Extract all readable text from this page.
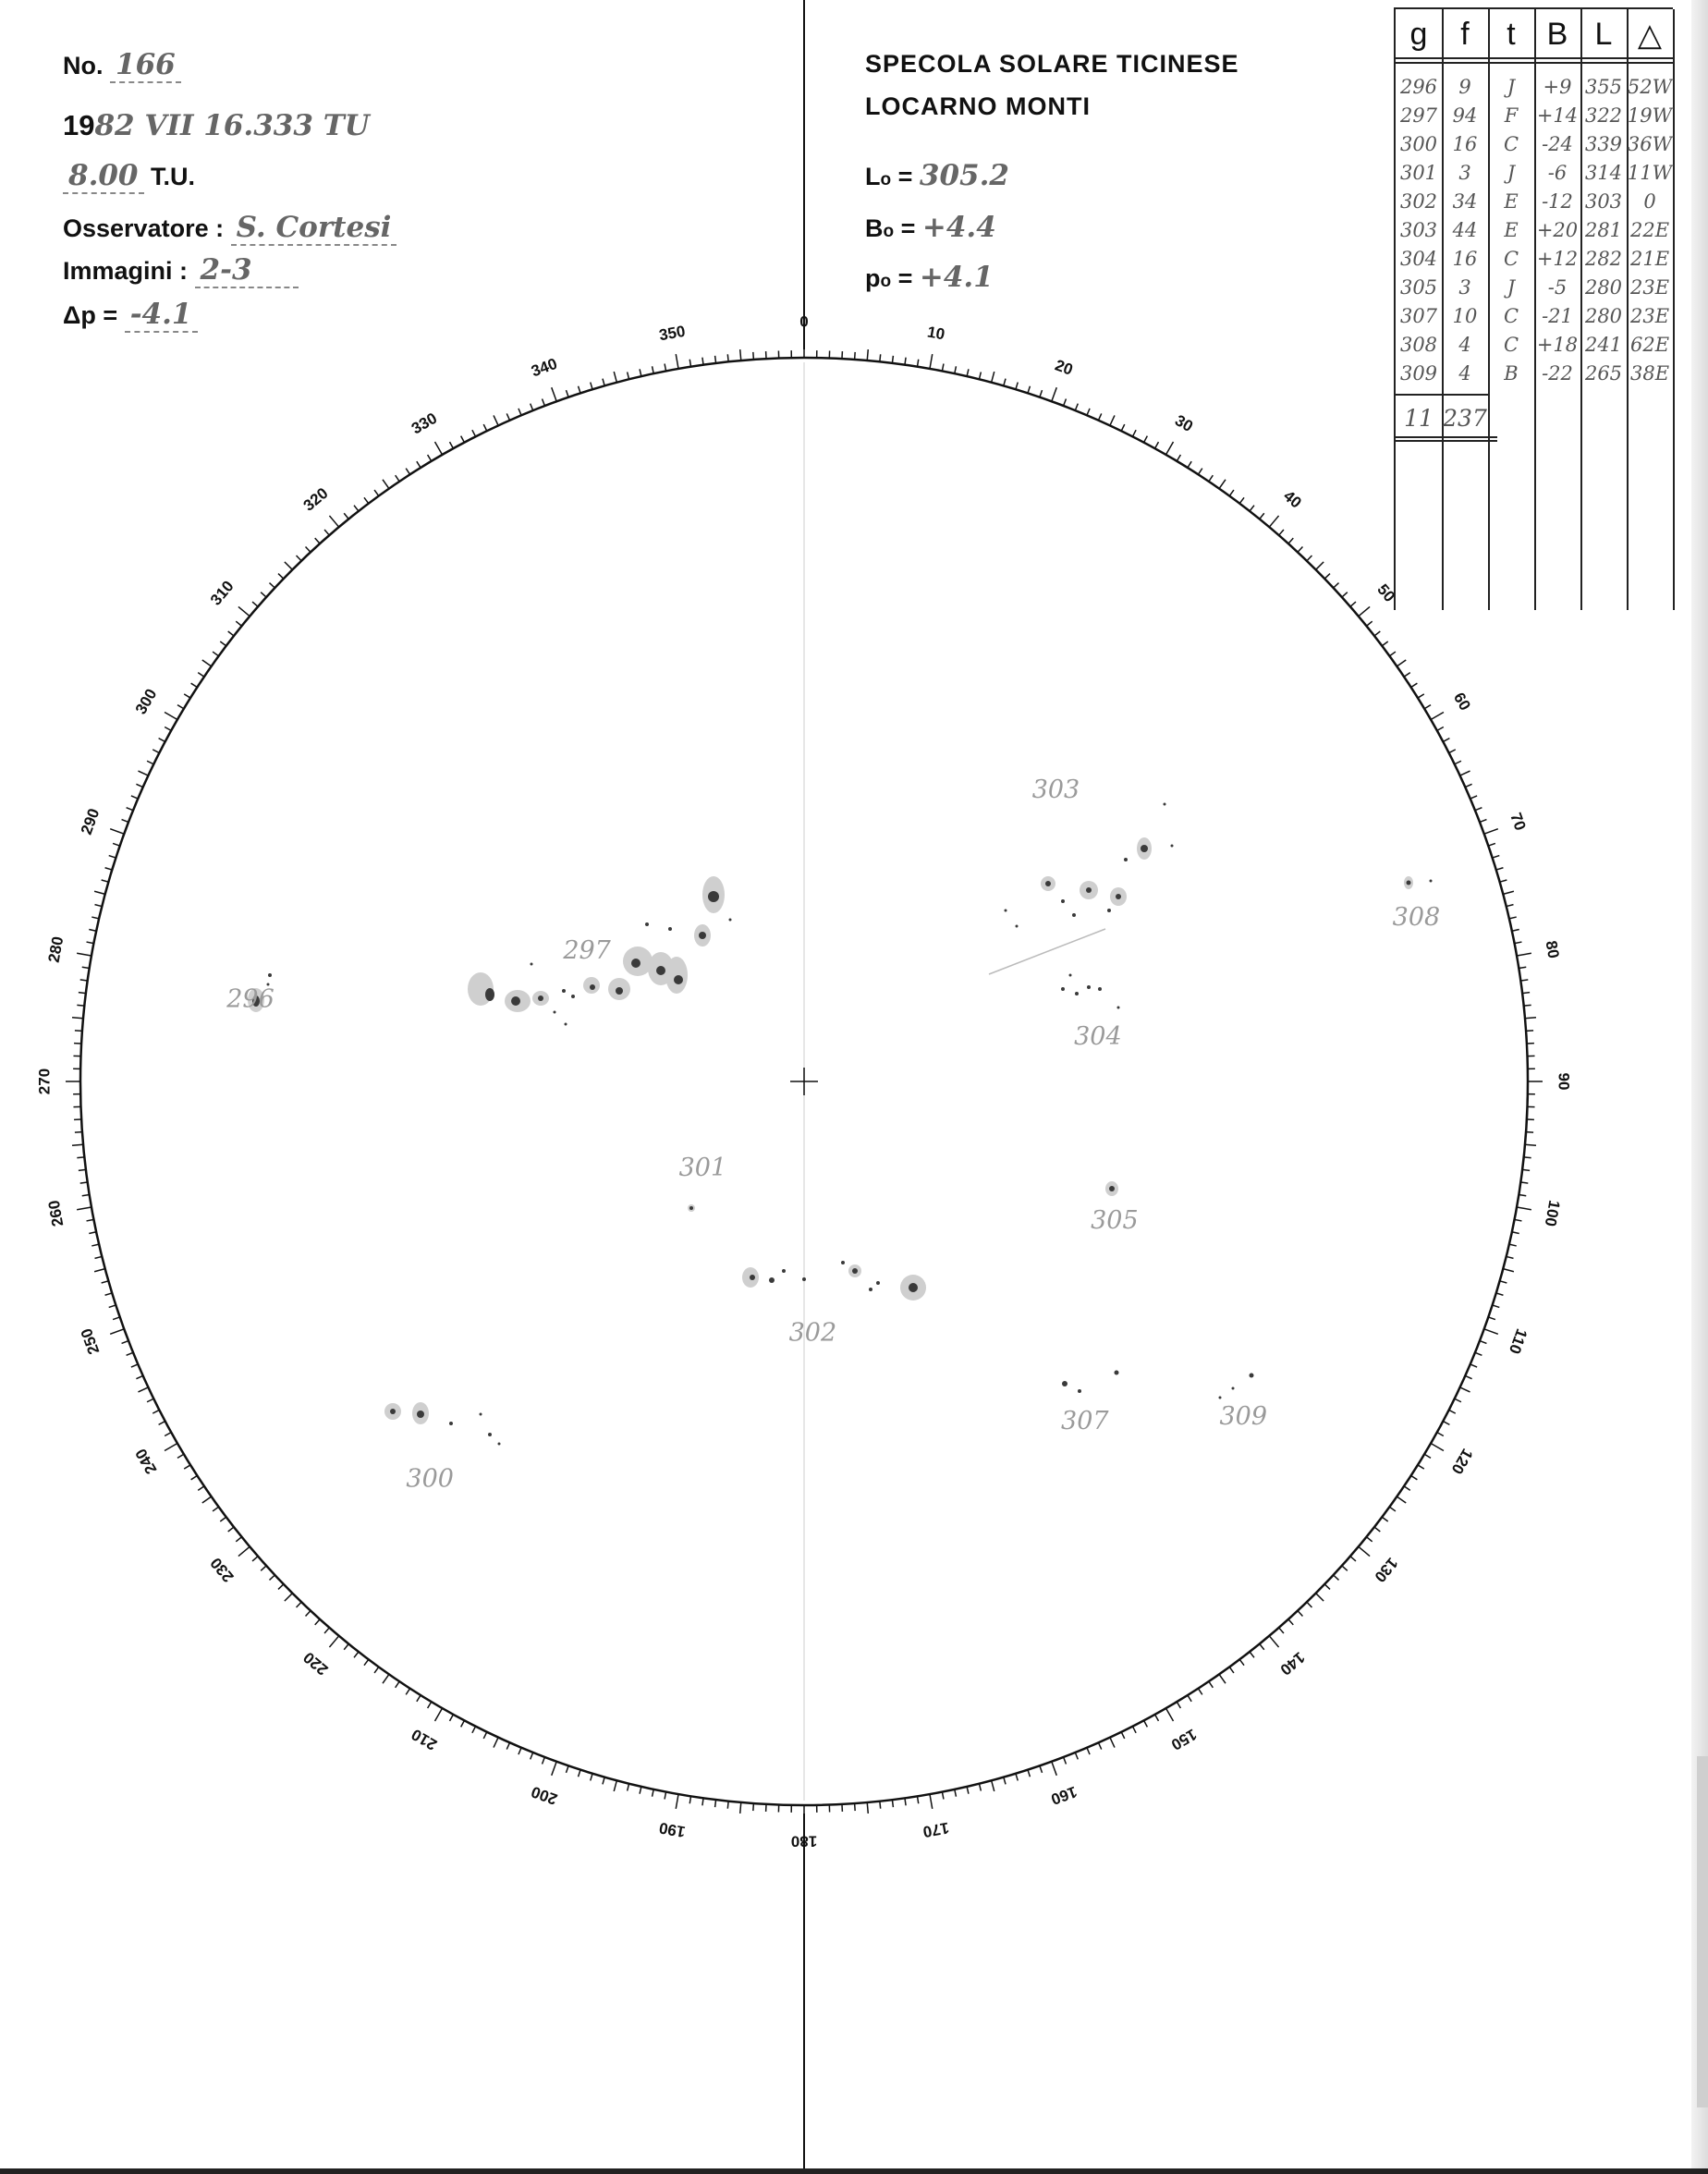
No. 166
1982 VII 16.333 TU
8.00 T.U.
Osservatore : S. Cortesi
Immagini : 2-3
Δp = -4.1
SPECOLA SOLARE TICINESE
LOCARNO MONTI
Lo = 305.2
Bo = +4.4
po = +4.1
g	f	t B L △
296	9	J	+9 355 52W
297 94	F +14 322 19W
300 16	C	-24 339 36W
301	3	J	-6 314 11W
302 34	E	-12 303	0
303 44	E +20 281 22E
304 16	C +12 282 21E
305	3	J	-5 280 23E
307 10	C	-21 280 23E
308	4	C +18 241 62E
309	4	B	-22 265 38E
11 237
0
10
20
30
40
50
60
70
80
90
100
110
120
130
140
150
160
170
180
190
200
210
220
230
240
250
260
270
280
290
300
310
320
330
340
350
296
297
300
301
302
303
304
305
307
308
309
